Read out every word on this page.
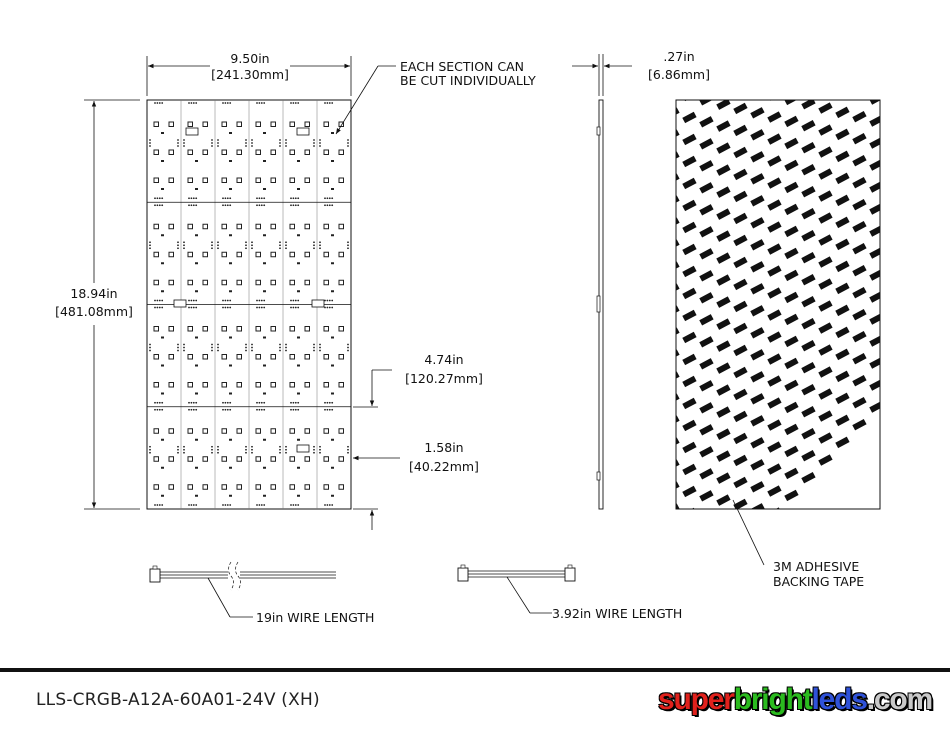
9.50in
[241.30mm]
18.94in
[481.08mm]
EACH SECTION CAN
BE CUT INDIVIDUALLY
4.74in
[120.27mm]
1.58in
[40.22mm]
.27in
[6.86mm]
3M ADHESIVE
BACKING TAPE
19in WIRE LENGTH	3.92in WIRE LENGTH
LLS-CRGB-A12A-60A01-24V (XH)	superbrightleds.com
